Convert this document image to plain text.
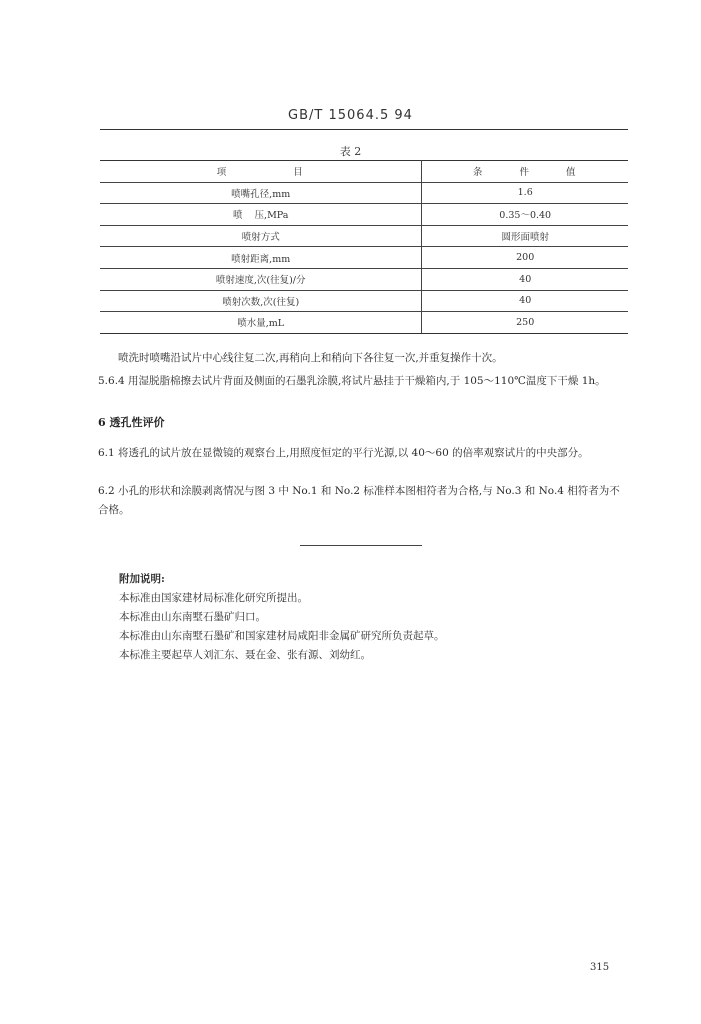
GB/T 15064.5 94
表 2
项 目	条 件 值
喷嘴孔径,mm	1.6
喷    压,MPa	0.35～0.40
喷射方式	圆形面喷射
喷射距离,mm	200
喷射速度,次(往复)/分	40
喷射次数,次(往复)	40
喷水量,mL	250

喷洗时喷嘴沿试片中心线往复二次,再稍向上和稍向下各往复一次,并重复操作十次。

5.6.4 用湿脱脂棉擦去试片背面及侧面的石墨乳涂膜,将试片悬挂于干燥箱内,于 105～110℃温度下干燥 1h。

6 透孔性评价

6.1 将透孔的试片放在显微镜的观察台上,用照度恒定的平行光源,以 40～60 的倍率观察试片的中央部分。

6.2 小孔的形状和涂膜剥离情况与图 3 中 No.1 和 No.2 标准样本图相符者为合格,与 No.3 和 No.4 相符者为不合格。

附加说明:
本标准由国家建材局标准化研究所提出。
本标准由山东南墅石墨矿归口。
本标准由山东南墅石墨矿和国家建材局咸阳非金属矿研究所负责起草。
本标准主要起草人刘汇东、聂在金、张有源、刘幼红。
315
